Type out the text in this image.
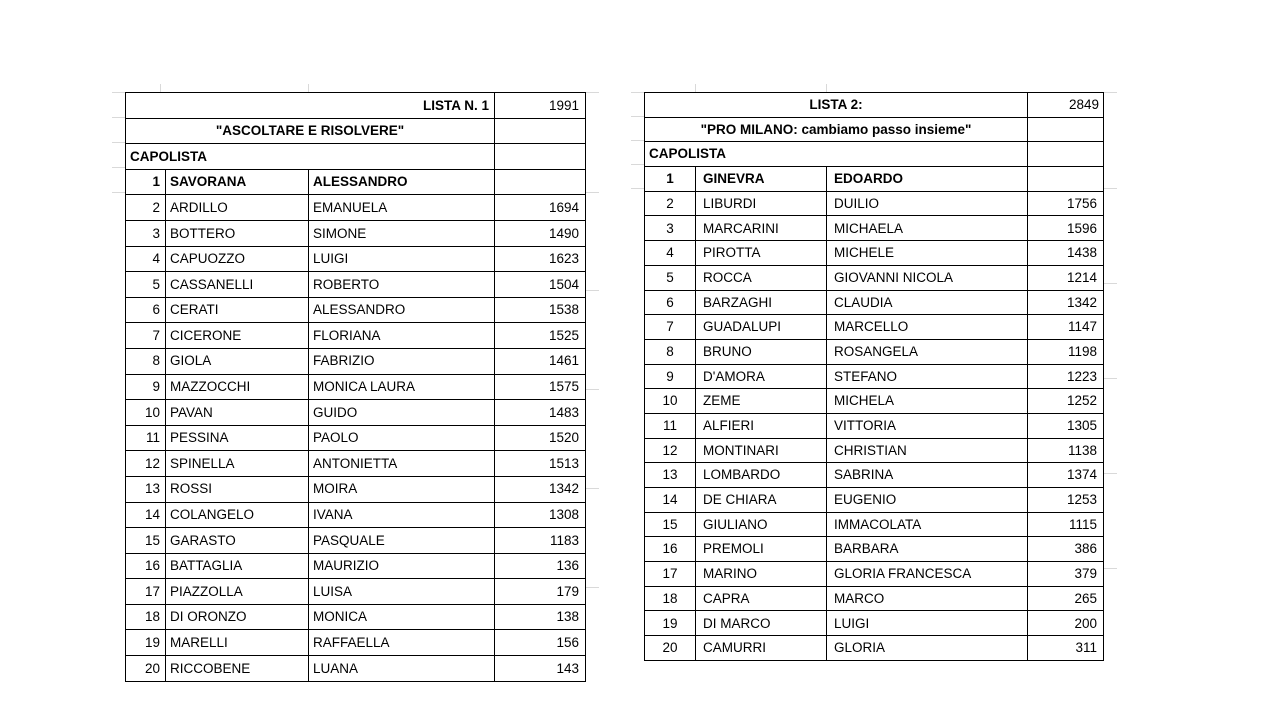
LISTA N. 1			1991
"ASCOLTARE E RISOLVERE"			
CAPOLISTA			
1	SAVORANA	ALESSANDRO	
2	ARDILLO	EMANUELA	1694
3	BOTTERO	SIMONE	1490
4	CAPUOZZO	LUIGI	1623
5	CASSANELLI	ROBERTO	1504
6	CERATI	ALESSANDRO	1538
7	CICERONE	FLORIANA	1525
8	GIOLA	FABRIZIO	1461
9	MAZZOCCHI	MONICA LAURA	1575
10	PAVAN	GUIDO	1483
11	PESSINA	PAOLO	1520
12	SPINELLA	ANTONIETTA	1513
13	ROSSI	MOIRA	1342
14	COLANGELO	IVANA	1308
15	GARASTO	PASQUALE	1183
16	BATTAGLIA	MAURIZIO	136
17	PIAZZOLLA	LUISA	179
18	DI ORONZO	MONICA	138
19	MARELLI	RAFFAELLA	156
20	RICCOBENE	LUANA	143
LISTA 2:			2849
"PRO MILANO: cambiamo passo insieme"			
CAPOLISTA			
1	GINEVRA	EDOARDO	
2	LIBURDI	DUILIO	1756
3	MARCARINI	MICHAELA	1596
4	PIROTTA	MICHELE	1438
5	ROCCA	GIOVANNI NICOLA	1214
6	BARZAGHI	CLAUDIA	1342
7	GUADALUPI	MARCELLO	1147
8	BRUNO	ROSANGELA	1198
9	D'AMORA	STEFANO	1223
10	ZEME	MICHELA	1252
11	ALFIERI	VITTORIA	1305
12	MONTINARI	CHRISTIAN	1138
13	LOMBARDO	SABRINA	1374
14	DE CHIARA	EUGENIO	1253
15	GIULIANO	IMMACOLATA	1115
16	PREMOLI	BARBARA	386
17	MARINO	GLORIA FRANCESCA	379
18	CAPRA	MARCO	265
19	DI MARCO	LUIGI	200
20	CAMURRI	GLORIA	311
